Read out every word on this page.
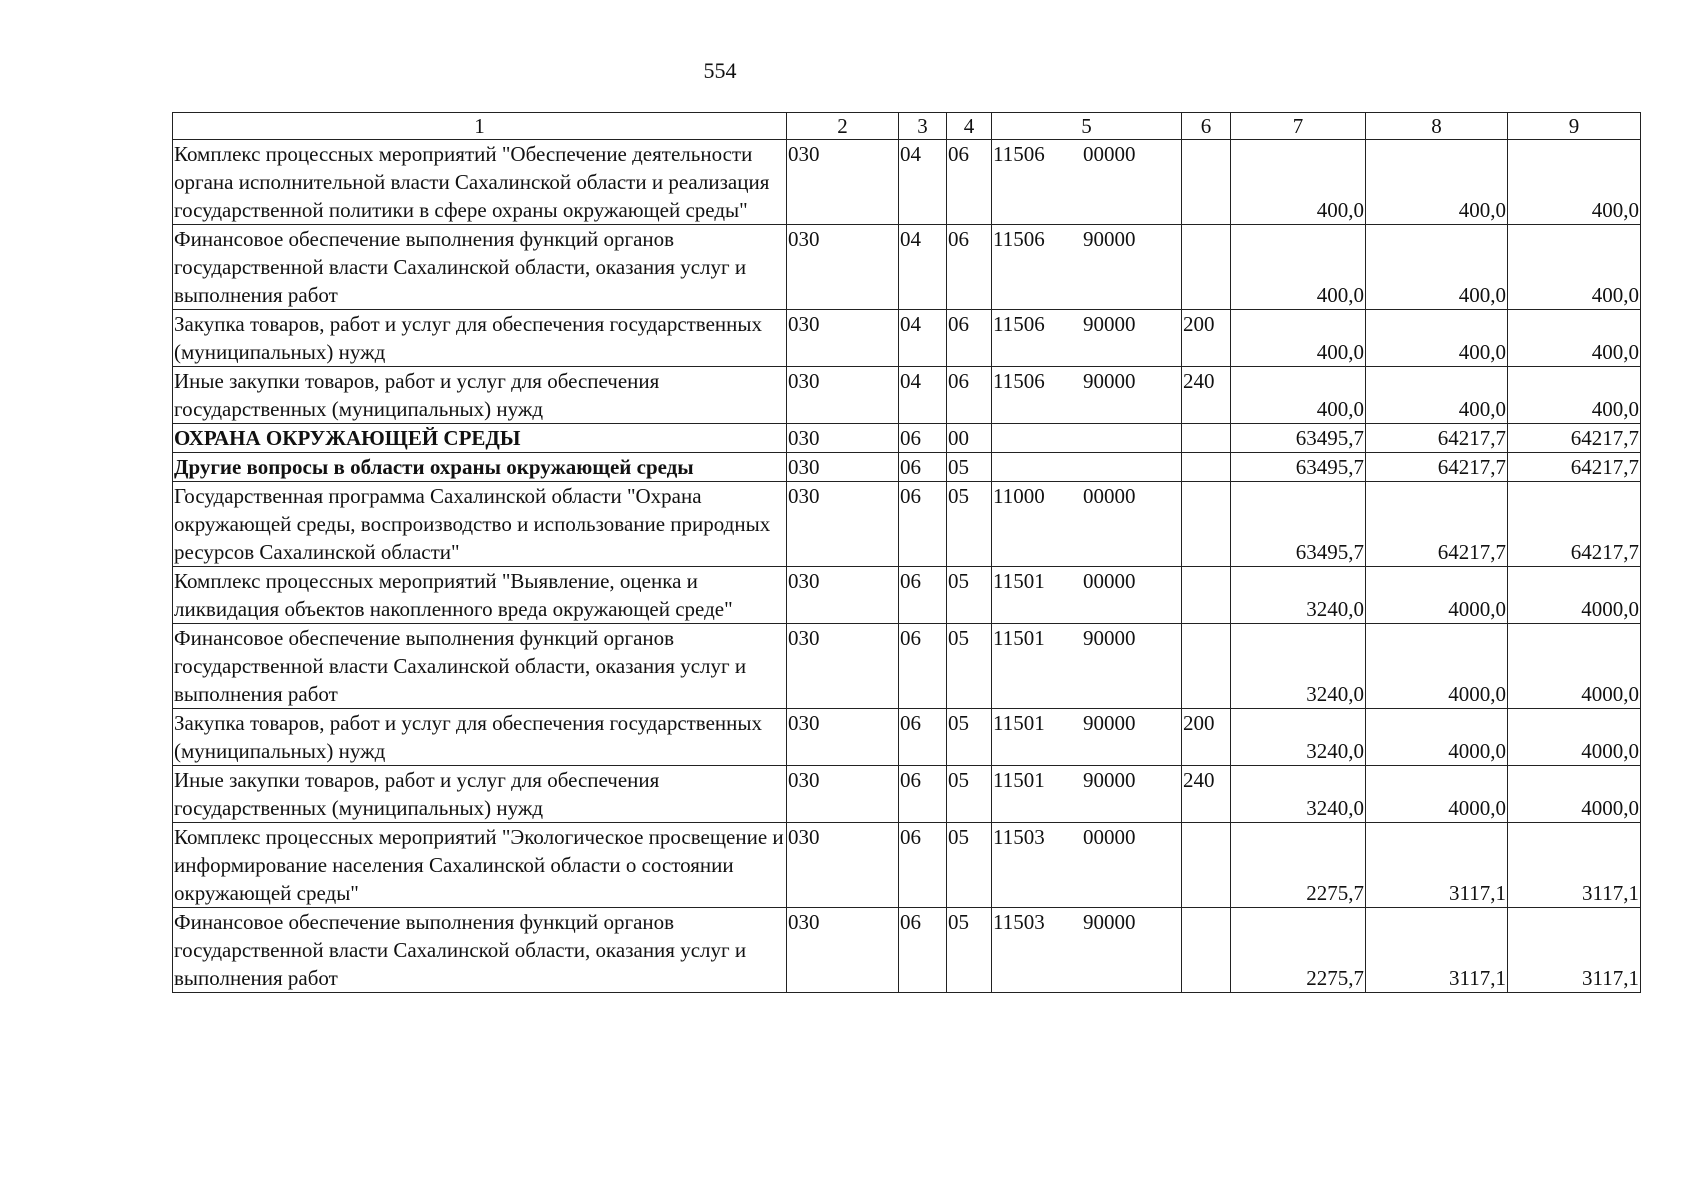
554
1	2	3	4	5	6	7	8	9
Комплекс процессных мероприятий "Обеспечение деятельности органа исполнительной власти Сахалинской области и реализация государственной политики в сфере охраны окружающей среды"	030	04	06	11506 00000		400,0	400,0	400,0
Финансовое обеспечение выполнения функций органов государственной власти Сахалинской области, оказания услуг и выполнения работ	030	04	06	11506 90000		400,0	400,0	400,0
Закупка товаров, работ и услуг для обеспечения государственных (муниципальных) нужд	030	04	06	11506 90000	200	400,0	400,0	400,0
Иные закупки товаров, работ и услуг для обеспечения государственных (муниципальных) нужд	030	04	06	11506 90000	240	400,0	400,0	400,0
ОХРАНА ОКРУЖАЮЩЕЙ СРЕДЫ	030	06	00			63495,7	64217,7	64217,7
Другие вопросы в области охраны окружающей среды	030	06	05			63495,7	64217,7	64217,7
Государственная программа Сахалинской области "Охрана окружающей среды, воспроизводство и использование природных ресурсов Сахалинской области"	030	06	05	11000 00000		63495,7	64217,7	64217,7
Комплекс процессных мероприятий "Выявление, оценка и ликвидация объектов накопленного вреда окружающей среде"	030	06	05	11501 00000		3240,0	4000,0	4000,0
Финансовое обеспечение выполнения функций органов государственной власти Сахалинской области, оказания услуг и выполнения работ	030	06	05	11501 90000		3240,0	4000,0	4000,0
Закупка товаров, работ и услуг для обеспечения государственных (муниципальных) нужд	030	06	05	11501 90000	200	3240,0	4000,0	4000,0
Иные закупки товаров, работ и услуг для обеспечения государственных (муниципальных) нужд	030	06	05	11501 90000	240	3240,0	4000,0	4000,0
Комплекс процессных мероприятий "Экологическое просвещение и информирование населения Сахалинской области о состоянии окружающей среды"	030	06	05	11503 00000		2275,7	3117,1	3117,1
Финансовое обеспечение выполнения функций органов государственной власти Сахалинской области, оказания услуг и выполнения работ	030	06	05	11503 90000		2275,7	3117,1	3117,1
